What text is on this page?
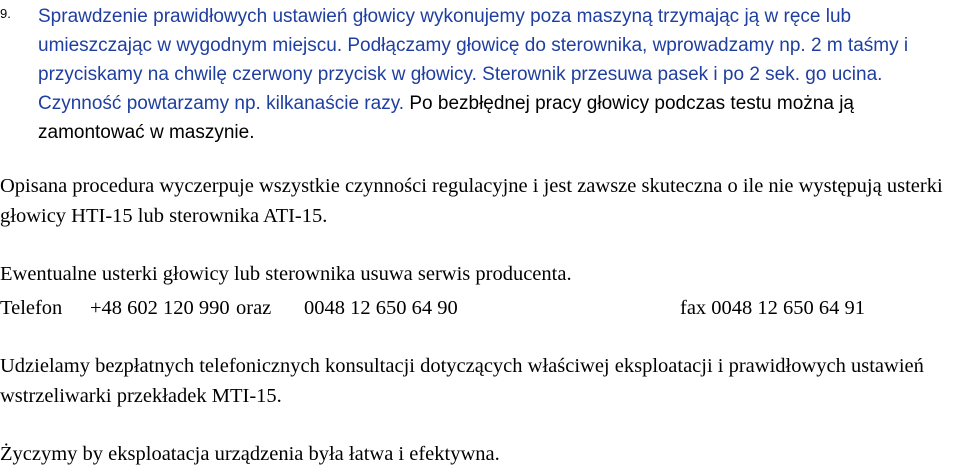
9. Sprawdzenie prawidłowych ustawień głowicy wykonujemy poza maszyną trzymając ją w ręce lub umieszczając w wygodnym miejscu. Podłączamy głowicę do sterownika, wprowadzamy np. 2 m taśmy i przyciskamy na chwilę czerwony przycisk w głowicy. Sterownik przesuwa pasek i po 2 sek. go ucina. Czynność powtarzamy np. kilkanaście razy. Po bezbłędnej pracy głowicy podczas testu można ją zamontować w maszynie.
Opisana procedura wyczerpuje wszystkie czynności regulacyjne i jest zawsze skuteczna o ile nie występują usterki głowicy HTI-15 lub sterownika ATI-15.
Ewentualne usterki głowicy lub sterownika usuwa serwis producenta.
Telefon +48 602 120 990 oraz 0048 12 650 64 90	fax 0048 12 650 64 91
Udzielamy bezpłatnych telefonicznych konsultacji dotyczących właściwej eksploatacji i prawidłowych ustawień wstrzeliwarki przekładek MTI-15.
Życzymy by eksploatacja urządzenia była łatwa i efektywna.
